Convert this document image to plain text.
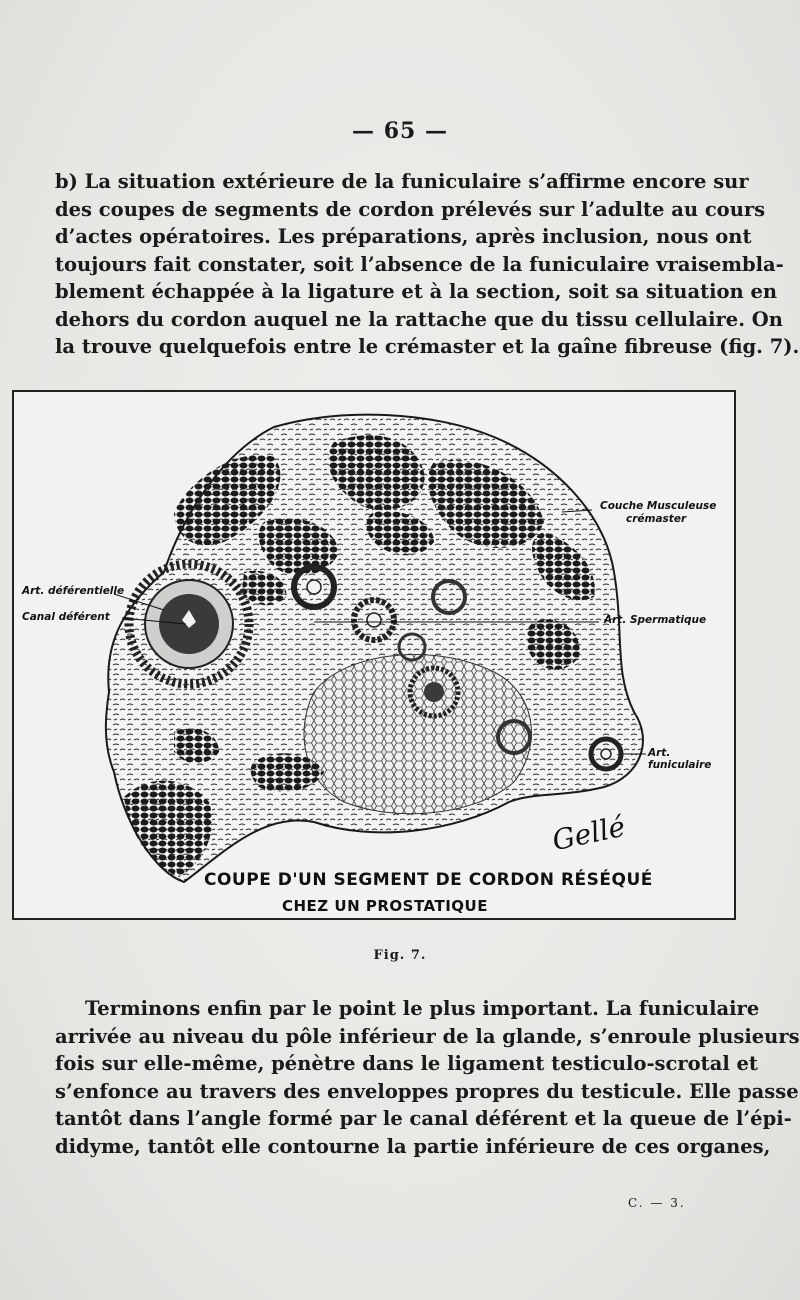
— 65 —
b) La situation extérieure de la funiculaire s’affirme encore sur
des coupes de segments de cordon prélevés sur l’adulte au cours
d’actes opératoires. Les préparations, après inclusion, nous ont
toujours fait constater, soit l’absence de la funiculaire vraisembla-
blement échappée à la ligature et à la section, soit sa situation en
dehors du cordon auquel ne la rattache que du tissu cellulaire. On
la trouve quelquefois entre le crémaster et la gaîne fibreuse (fig. 7).
Couche Musculeuse
crémaster
Art. déférentielle
Canal déférent	Art. Spermatique
Art. funiculaire
Gellé
COUPE D'UN SEGMENT DE CORDON RÉSÉQUÉ
CHEZ UN PROSTATIQUE
Fig. 7.
Terminons enfin par le point le plus important. La funiculaire
arrivée au niveau du pôle inférieur de la glande, s’enroule plusieurs
fois sur elle-même, pénètre dans le ligament testiculo-scrotal et
s’enfonce au travers des enveloppes propres du testicule. Elle passe
tantôt dans l’angle formé par le canal déférent et la queue de l’épi-
didyme, tantôt elle contourne la partie inférieure de ces organes,
C. — 3.
